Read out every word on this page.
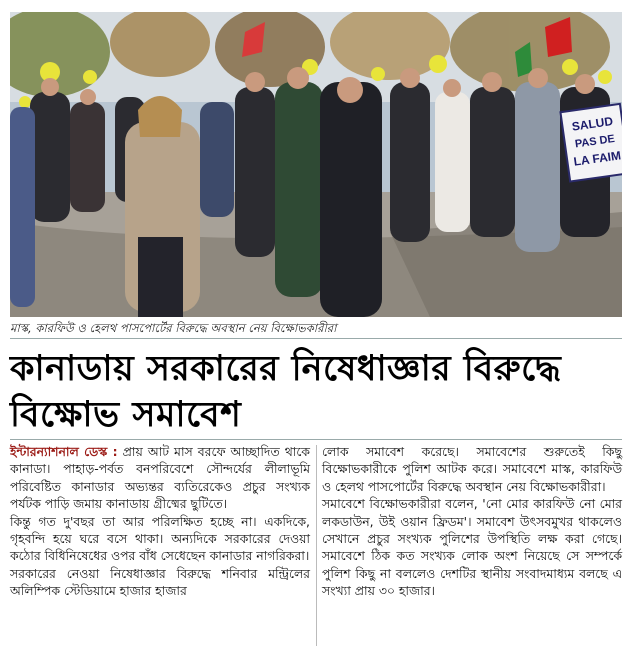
SALUD
PAS DE
LA FAIM
মাস্ক, কারফিউ ও হেলথ পাসপোর্টের বিরুদ্ধে অবস্থান নেয় বিক্ষোভকারীরা
কানাডায় সরকারের নিষেধাজ্ঞার বিরুদ্ধে
বিক্ষোভ সমাবেশ

ইন্টারন্যাশনাল ডেস্ক : প্রায় আট মাস বরফে আচ্ছাদিত থাকে কানাডা। পাহাড়-পর্বত বনপরিবেশে সৌন্দর্যের লীলাভূমি পরিবেষ্টিত কানাডার অভ্যন্তর ব্যতিরেকেও প্রচুর সংখ্যক পর্যটক পাড়ি জমায় কানাডায় গ্রীষ্মের ছুটিতে।

কিন্তু গত দু'বছর তা আর পরিলক্ষিত হচ্ছে না। একদিকে, গৃহবন্দি হয়ে ঘরে বসে থাকা। অন্যদিকে সরকারের দেওয়া কঠোর বিধিনিষেধের ওপর বাঁধ সেধেছেন কানাডার নাগরিকরা।

সরকারের নেওয়া নিষেধাজ্ঞার বিরুদ্ধে শনিবার মন্ট্রিলের অলিম্পিক স্টেডিয়ামে হাজার হাজার

লোক সমাবেশ করেছে। সমাবেশের শুরুতেই কিছু বিক্ষোভকারীকে পুলিশ আটক করে। সমাবেশে মাস্ক, কারফিউ ও হেলথ পাসপোর্টের বিরুদ্ধে অবস্থান নেয় বিক্ষোভকারীরা।

সমাবেশে বিক্ষোভকারীরা বলেন, 'নো মোর কারফিউ নো মোর লকডাউন, উই ওয়ান ফ্রিডম'। সমাবেশ উৎসবমুখর থাকলেও সেখানে প্রচুর সংখ্যক পুলিশের উপস্থিতি লক্ষ করা গেছে। সমাবেশে ঠিক কত সংখ্যক লোক অংশ নিয়েছে সে সম্পর্কে পুলিশ কিছু না বললেও দেশটির স্থানীয় সংবাদমাধ্যম বলছে এ সংখ্যা প্রায় ৩০ হাজার।
